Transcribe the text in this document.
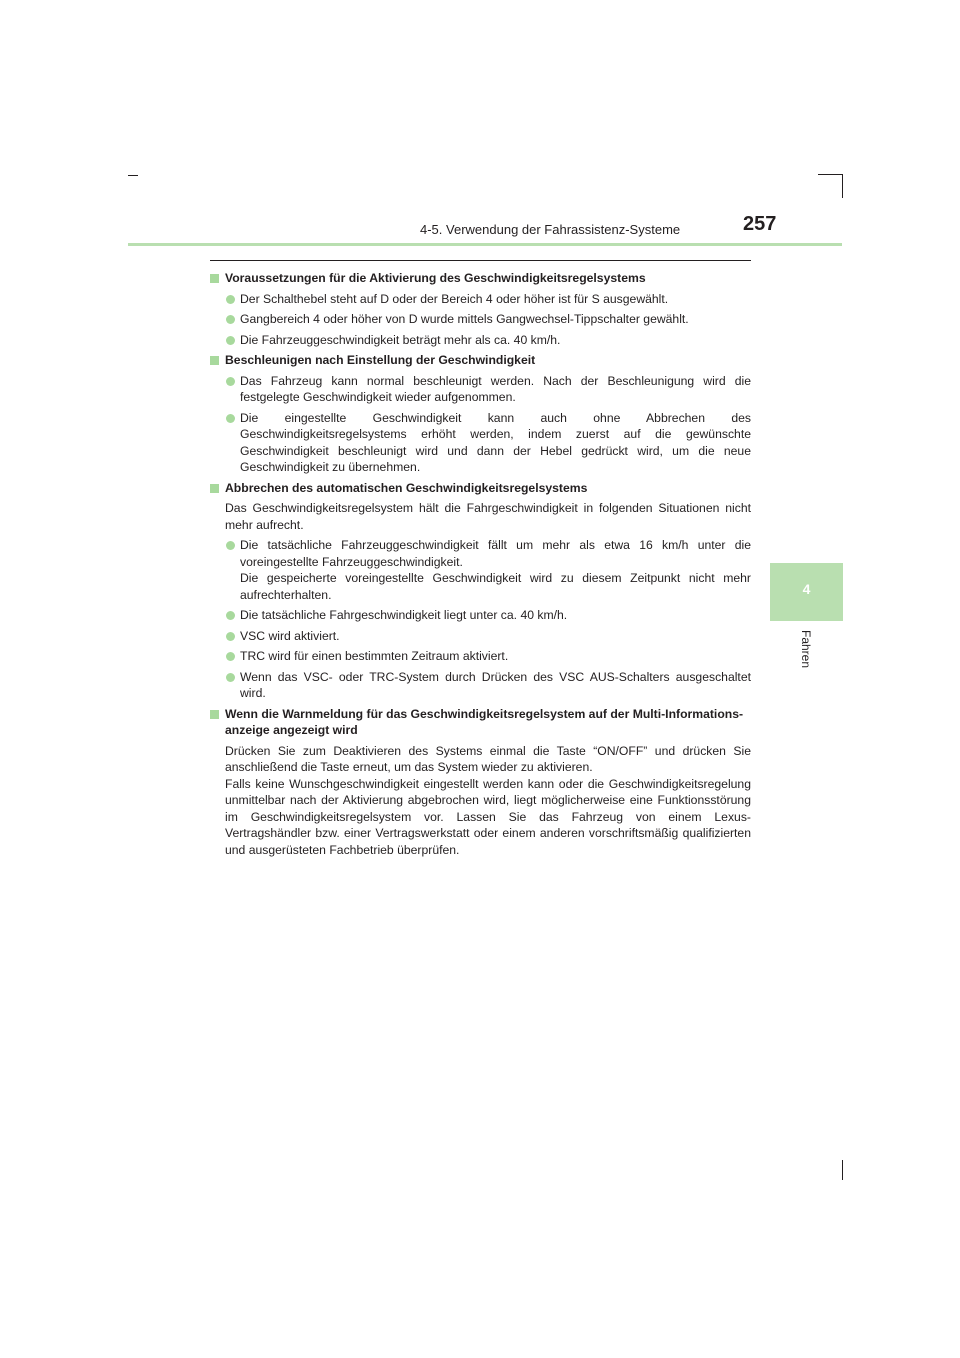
4-5. Verwendung der Fahrassistenz-Systeme	257
4
Fahren
Voraussetzungen für die Aktivierung des Geschwindigkeitsregelsystems
Der Schalthebel steht auf D oder der Bereich 4 oder höher ist für S ausgewählt.
Gangbereich 4 oder höher von D wurde mittels Gangwechsel-Tippschalter gewählt.
Die Fahrzeuggeschwindigkeit beträgt mehr als ca. 40 km/h.
Beschleunigen nach Einstellung der Geschwindigkeit
Das Fahrzeug kann normal beschleunigt werden. Nach der Beschleunigung wird die festgelegte Geschwindigkeit wieder aufgenommen.
Die eingestellte Geschwindigkeit kann auch ohne Abbrechen des Geschwindigkeitsregelsystems erhöht werden, indem zuerst auf die gewünschte Geschwindigkeit beschleunigt wird und dann der Hebel gedrückt wird, um die neue Geschwindigkeit zu übernehmen.
Abbrechen des automatischen Geschwindigkeitsregelsystems
Das Geschwindigkeitsregelsystem hält die Fahrgeschwindigkeit in folgenden Situationen nicht mehr aufrecht.
Die tatsächliche Fahrzeuggeschwindigkeit fällt um mehr als etwa 16 km/h unter die voreingestellte Fahrzeuggeschwindigkeit.
Die gespeicherte voreingestellte Geschwindigkeit wird zu diesem Zeitpunkt nicht mehr aufrechterhalten.
Die tatsächliche Fahrgeschwindigkeit liegt unter ca. 40 km/h.
VSC wird aktiviert.
TRC wird für einen bestimmten Zeitraum aktiviert.
Wenn das VSC- oder TRC-System durch Drücken des VSC AUS-Schalters ausgeschaltet wird.
Wenn die Warnmeldung für das Geschwindigkeitsregelsystem auf der Multi-Informations-anzeige angezeigt wird
Drücken Sie zum Deaktivieren des Systems einmal die Taste “ON/OFF” und drücken Sie anschließend die Taste erneut, um das System wieder zu aktivieren.
Falls keine Wunschgeschwindigkeit eingestellt werden kann oder die Geschwindigkeitsregelung unmittelbar nach der Aktivierung abgebrochen wird, liegt möglicherweise eine Funktionsstörung im Geschwindigkeitsregelsystem vor. Lassen Sie das Fahrzeug von einem Lexus-Vertragshändler bzw. einer Vertragswerkstatt oder einem anderen vorschriftsmäßig qualifizierten und ausgerüsteten Fachbetrieb überprüfen.
